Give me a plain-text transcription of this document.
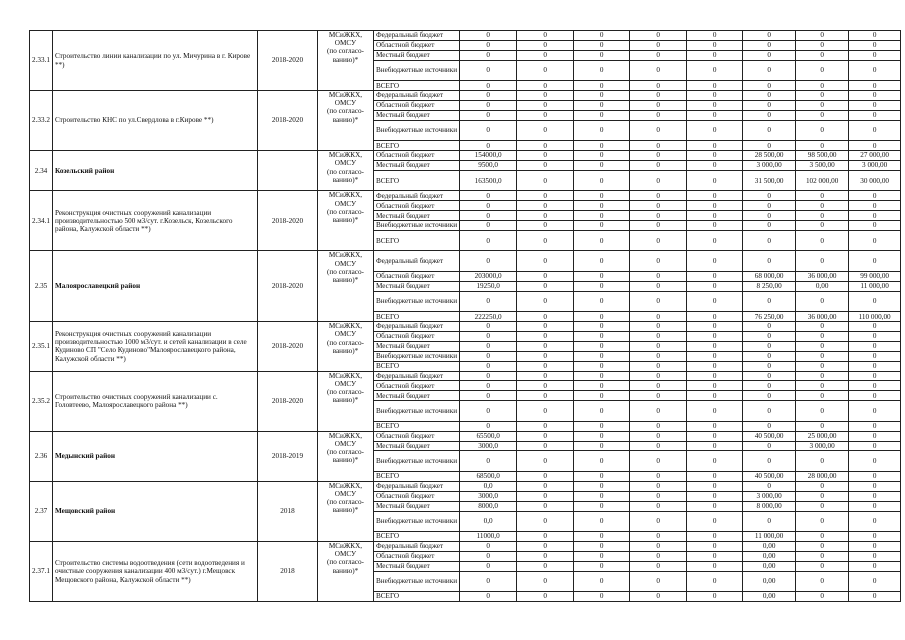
2.33.1	Строительство линии канализации по ул. Мичурина в г. Кирове **)	2018-2020	МСиЖКХ,
ОМСУ
(по согласо-
ванию)*	Федеральный бюджет	0	0	0	0	0	0	0	0
				Областной бюджет	0	0	0	0	0	0	0	0
				Местный бюджет	0	0	0	0	0	0	0	0
				Внебюджетные источники	0	0	0	0	0	0	0	0
				ВСЕГО	0	0	0	0	0	0	0	0
2.33.2	Строительство КНС по ул.Свердлова в г.Кирове **)	2018-2020	МСиЖКХ,
ОМСУ
(по согласо-
ванию)*	Федеральный бюджет	0	0	0	0	0	0	0	0
				Областной бюджет	0	0	0	0	0	0	0	0
				Местный бюджет	0	0	0	0	0	0	0	0
				Внебюджетные источники	0	0	0	0	0	0	0	0
				ВСЕГО	0	0	0	0	0	0	0	0
2.34	Козельский район		МСиЖКХ,
ОМСУ
(по согласо-
ванию)*	Областной бюджет	154000,0	0	0	0	0	28 500,00	98 500,00	27 000,00
				Местный бюджет	9500,0	0	0	0	0	3 000,00	3 500,00	3 000,00
				ВСЕГО	163500,0	0	0	0	0	31 500,00	102 000,00	30 000,00
2.34.1	Реконструкция очистных сооружений канализации производительностью 500 м3/сут. г.Козельск, Козельского района, Калужской области **)	2018-2020	МСиЖКХ,
ОМСУ
(по согласо-
ванию)*	Федеральный бюджет	0	0	0	0	0	0	0	0
				Областной бюджет	0	0	0	0	0	0	0	0
				Местный бюджет	0	0	0	0	0	0	0	0
				Внебюджетные источники	0	0	0	0	0	0	0	0
				ВСЕГО	0	0	0	0	0	0	0	0
2.35	Малоярославецкий район	2018-2020	МСиЖКХ,
ОМСУ
(по согласо-
ванию)*	Федеральный бюджет	0	0	0	0	0	0	0	0
				Областной бюджет	203000,0	0	0	0	0	68 000,00	36 000,00	99 000,00
				Местный бюджет	19250,0	0	0	0	0	8 250,00	0,00	11 000,00
				Внебюджетные источники	0	0	0	0	0	0	0	0
				ВСЕГО	222250,0	0	0	0	0	76 250,00	36 000,00	110 000,00
2.35.1	Реконструкция очистных сооружений канализации производительностью 1000 м3/сут. и сетей канализации в селе Кудиново СП "Село Кудиново"Малоярославецкого района, Калужской области **)	2018-2020	МСиЖКХ,
ОМСУ
(по согласо-
ванию)*	Федеральный бюджет	0	0	0	0	0	0	0	0
				Областной бюджет	0	0	0	0	0	0	0	0
				Местный бюджет	0	0	0	0	0	0	0	0
				Внебюджетные источники	0	0	0	0	0	0	0	0
				ВСЕГО	0	0	0	0	0	0	0	0
2.35.2	Строительство очистных сооружений канализации с. Головтеево, Малоярославецкого района **)	2018-2020	МСиЖКХ,
ОМСУ
(по согласо-
ванию)*	Федеральный бюджет	0	0	0	0	0	0	0	0
				Областной бюджет	0	0	0	0	0	0	0	0
				Местный бюджет	0	0	0	0	0	0	0	0
				Внебюджетные источники	0	0	0	0	0	0	0	0
				ВСЕГО	0	0	0	0	0	0	0	0
2.36	Медынский район	2018-2019	МСиЖКХ,
ОМСУ
(по согласо-
ванию)*	Областной бюджет	65500,0	0	0	0	0	40 500,00	25 000,00	0
				Местный бюджет	3000,0	0	0	0	0	0	3 000,00	0
				Внебюджетные источники	0	0	0	0	0	0	0	0
				ВСЕГО	68500,0	0	0	0	0	40 500,00	28 000,00	0
2.37	Мещовский район	2018	МСиЖКХ,
ОМСУ
(по согласо-
ванию)*	Федеральный бюджет	0,0	0	0	0	0	0	0	0
				Областной бюджет	3000,0	0	0	0	0	3 000,00	0	0
				Местный бюджет	8000,0	0	0	0	0	8 000,00	0	0
				Внебюджетные источники	0,0	0	0	0	0	0	0	0
				ВСЕГО	11000,0	0	0	0	0	11 000,00	0	0
2.37.1	Строительство системы водоотведения (сети водоотведения и очистные сооружения канализации 400 м3/сут.) г.Мещовск Мещовского района, Калужской области **)	2018	МСиЖКХ,
ОМСУ
(по согласо-
ванию)*	Федеральный бюджет	0	0	0	0	0	0,00	0	0
				Областной бюджет	0	0	0	0	0	0,00	0	0
				Местный бюджет	0	0	0	0	0	0,00	0	0
				Внебюджетные источники	0	0	0	0	0	0,00	0	0
				ВСЕГО	0	0	0	0	0	0,00	0	0
